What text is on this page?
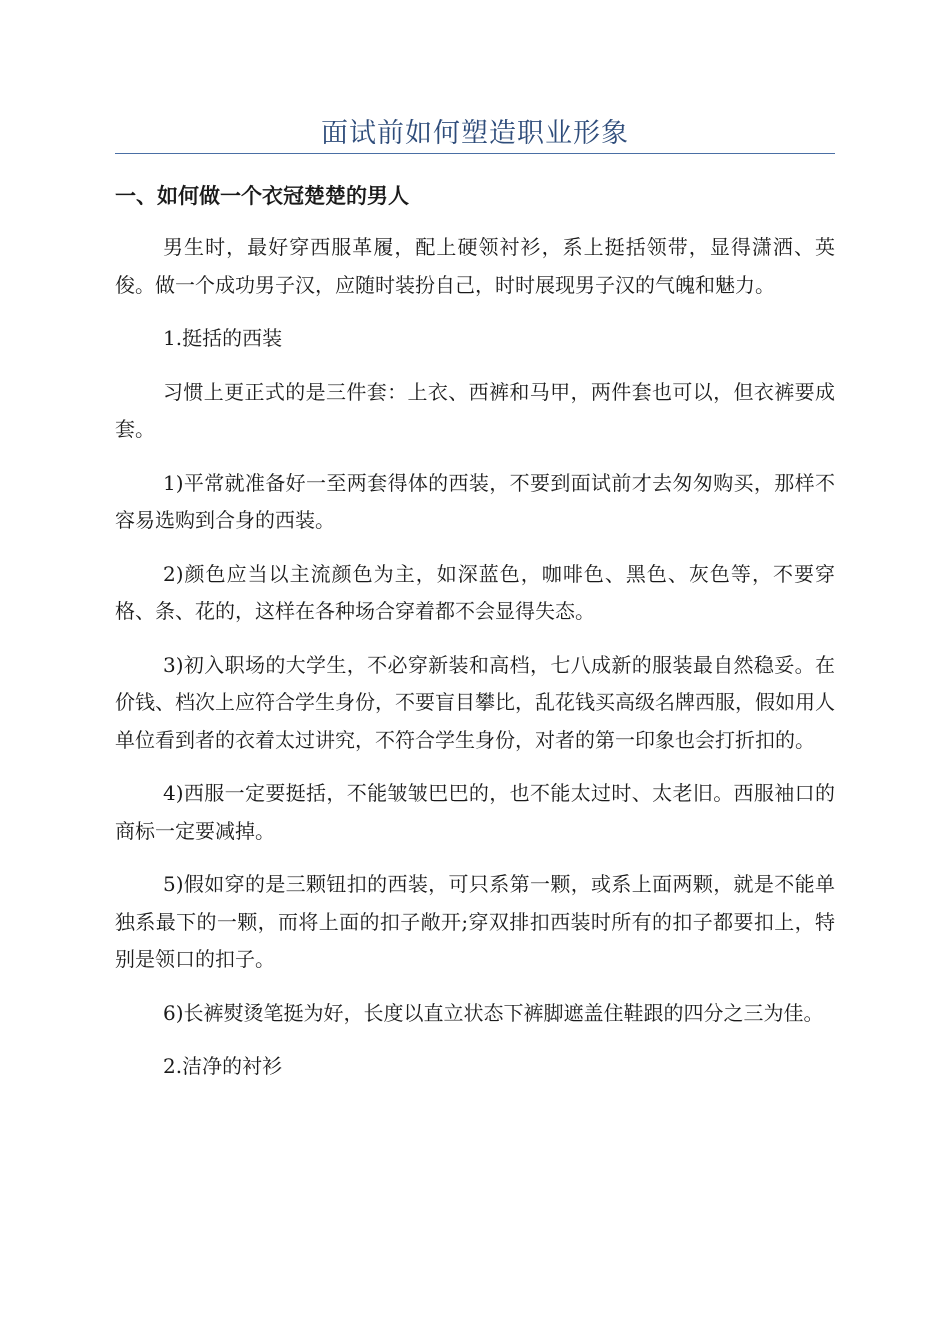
面试前如何塑造职业形象
一、如何做一个衣冠楚楚的男人

男生时，最好穿西服革履，配上硬领衬衫，系上挺括领带，显得潇洒、英俊。做一个成功男子汉，应随时装扮自己，时时展现男子汉的气魄和魅力。

1.挺括的西装

习惯上更正式的是三件套：上衣、西裤和马甲，两件套也可以，但衣裤要成套。

1)平常就准备好一至两套得体的西装，不要到面试前才去匆匆购买，那样不容易选购到合身的西装。

2)颜色应当以主流颜色为主，如深蓝色，咖啡色、黑色、灰色等，不要穿格、条、花的，这样在各种场合穿着都不会显得失态。

3)初入职场的大学生，不必穿新装和高档，七八成新的服装最自然稳妥。在价钱、档次上应符合学生身份，不要盲目攀比，乱花钱买高级名牌西服，假如用人单位看到者的衣着太过讲究，不符合学生身份，对者的第一印象也会打折扣的。

4)西服一定要挺括，不能皱皱巴巴的，也不能太过时、太老旧。西服袖口的商标一定要减掉。

5)假如穿的是三颗钮扣的西装，可只系第一颗，或系上面两颗，就是不能单独系最下的一颗，而将上面的扣子敞开;穿双排扣西装时所有的扣子都要扣上，特别是领口的扣子。

6)长裤熨烫笔挺为好，长度以直立状态下裤脚遮盖住鞋跟的四分之三为佳。

2.洁净的衬衫
